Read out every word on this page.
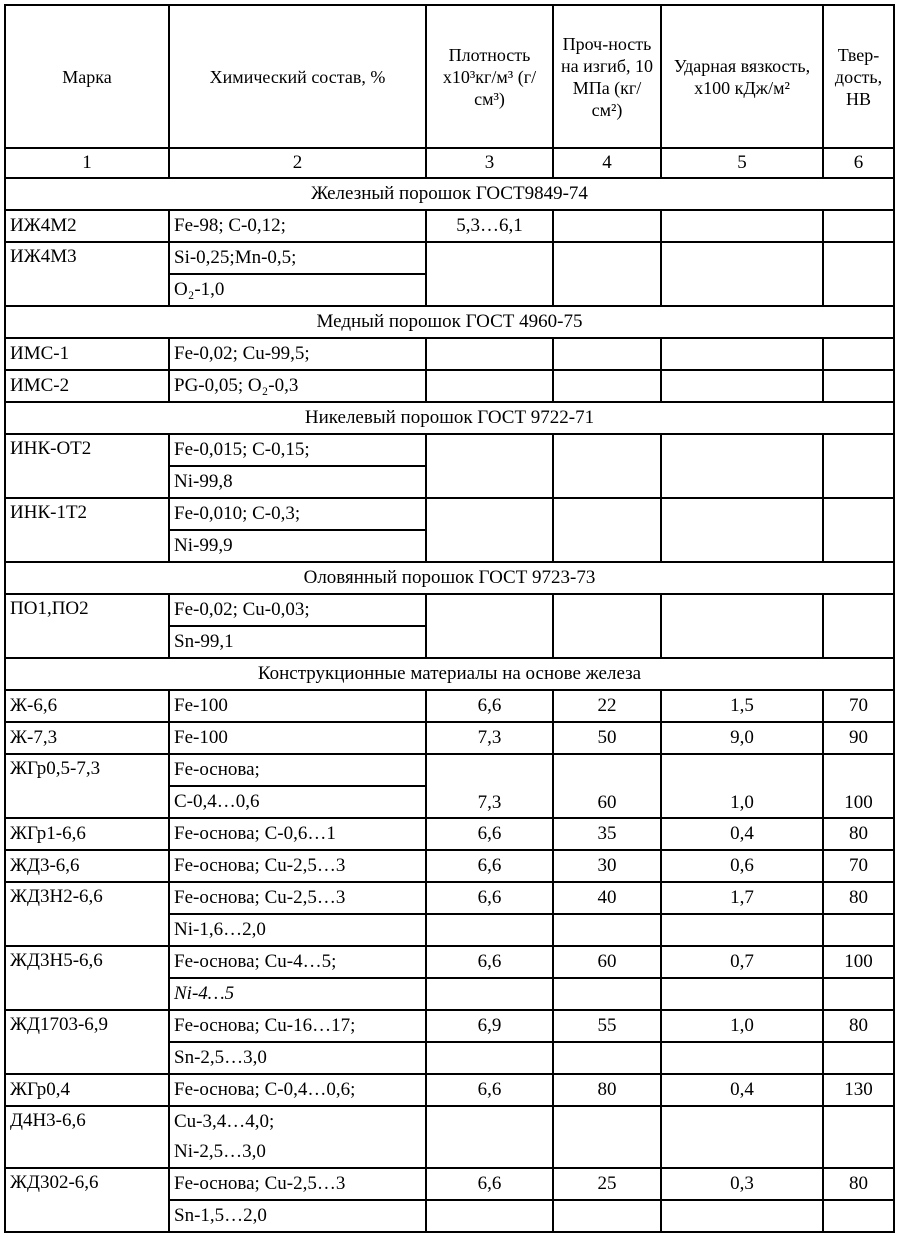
Марка	Химический состав, %	Плотность x10³кг/м³ (г/см³)	Проч-ность на изгиб, 10 МПа (кг/см²)	Ударная вязкость, x100 кДж/м²	Твер-дость, HB
1	2	3	4	5	6
Железный порошок ГОСТ9849-74					
ИЖ4М2	Fe-98; C-0,12;	5,3…6,1			
ИЖ4М3	Si-0,25;Mn-0,5;				
	O₂-1,0				
Медный порошок ГОСТ 4960-75					
ИМС-1	Fe-0,02; Cu-99,5;				
ИМС-2	PG-0,05; O₂-0,3				
Никелевый порошок ГОСТ 9722-71					
ИНК-ОТ2	Fe-0,015; C-0,15;				
	Ni-99,8				
ИНК-1Т2	Fe-0,010; C-0,3;				
	Ni-99,9				
Оловянный порошок ГОСТ 9723-73					
ПО1,ПО2	Fe-0,02; Cu-0,03;				
	Sn-99,1				
Конструкционные материалы на основе железа					
Ж-6,6	Fe-100	6,6	22	1,5	70
Ж-7,3	Fe-100	7,3	50	9,0	90
ЖГр0,5-7,3	Fe-основа;	7,3	60	1,0	100
	C-0,4…0,6				
ЖГр1-6,6	Fe-основа; C-0,6…1	6,6	35	0,4	80
ЖД3-6,6	Fe-основа; Cu-2,5…3	6,6	30	0,6	70
ЖД3Н2-6,6	Fe-основа; Cu-2,5…3	6,6	40	1,7	80
	Ni-1,6…2,0				
ЖД3Н5-6,6	Fe-основа; Cu-4…5;	6,6	60	0,7	100
	Ni-4…5				
ЖД1703-6,9	Fe-основа; Cu-16…17;	6,9	55	1,0	80
	Sn-2,5…3,0				
ЖГр0,4	Fe-основа; C-0,4…0,6;	6,6	80	0,4	130
Д4Н3-6,6	Cu-3,4…4,0;				
	Ni-2,5…3,0				
ЖД302-6,6	Fe-основа; Cu-2,5…3	6,6	25	0,3	80
	Sn-1,5…2,0				
